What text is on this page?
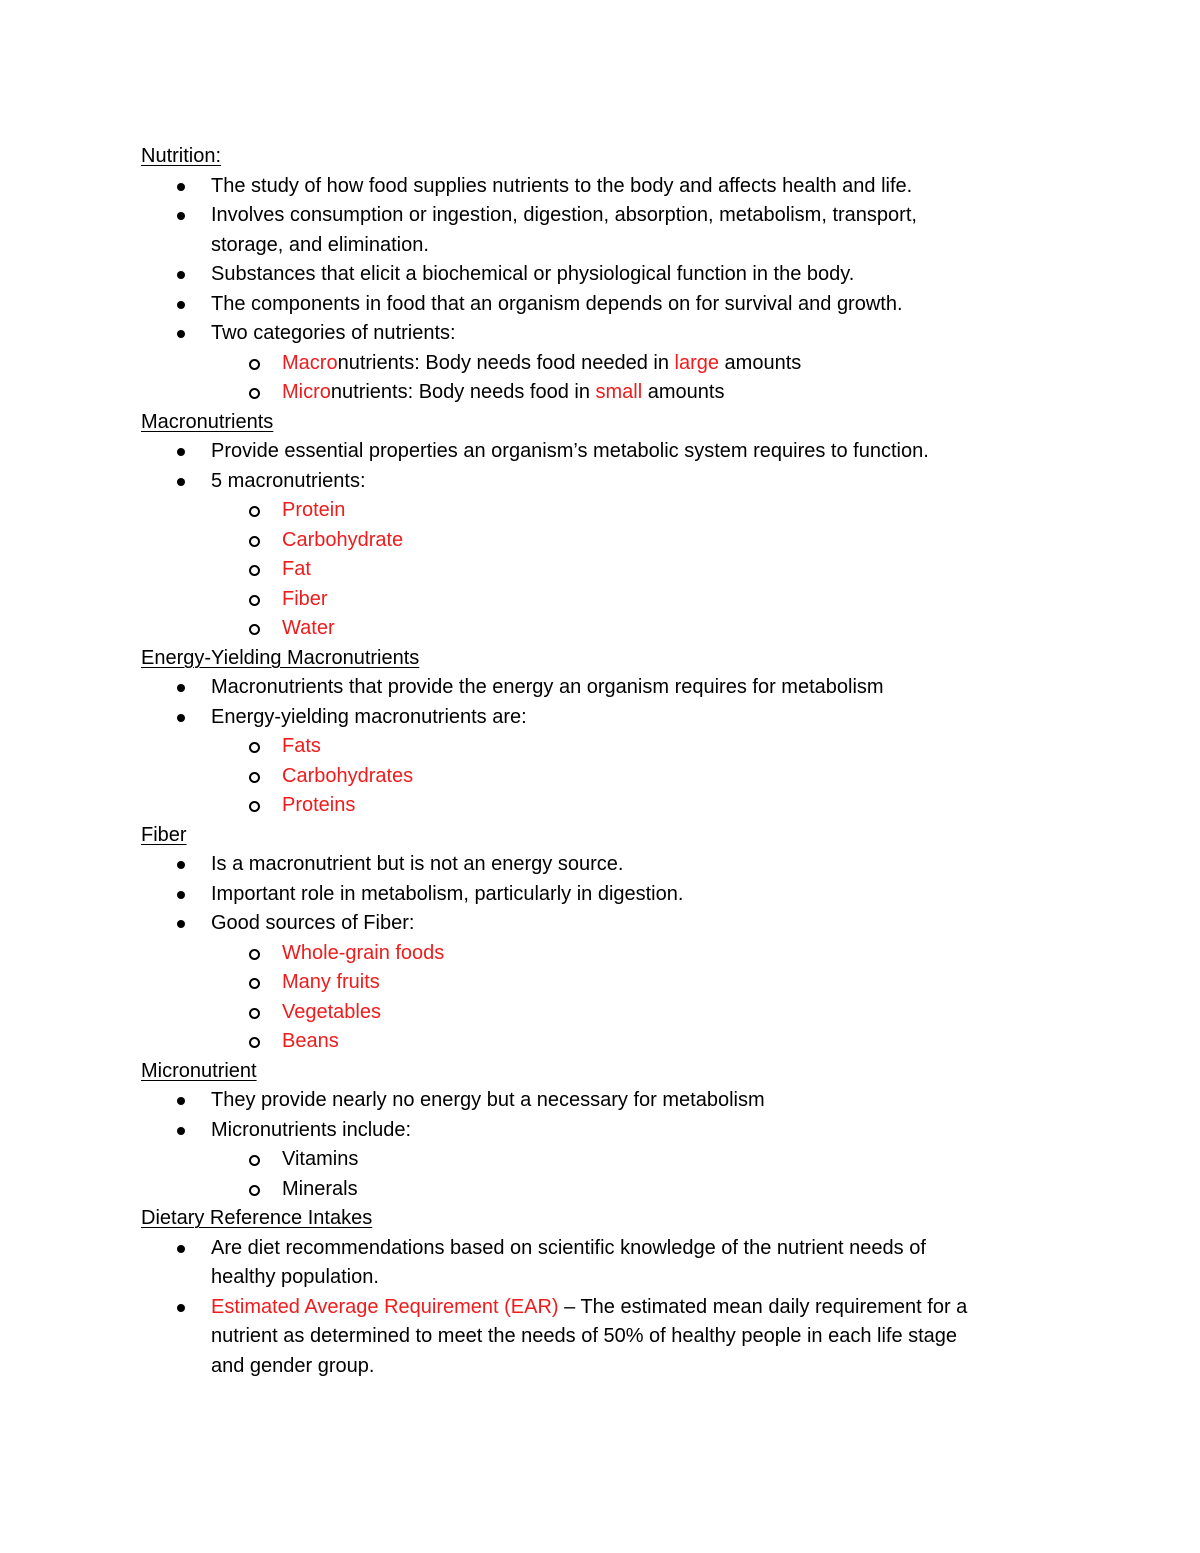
Nutrition:
The study of how food supplies nutrients to the body and affects health and life.
Involves consumption or ingestion, digestion, absorption, metabolism, transport,
storage, and elimination.
Substances that elicit a biochemical or physiological function in the body.
The components in food that an organism depends on for survival and growth.
Two categories of nutrients:
Macronutrients: Body needs food needed in large amounts
Micronutrients: Body needs food in small amounts
Macronutrients
Provide essential properties an organism’s metabolic system requires to function.
5 macronutrients:
Protein
Carbohydrate
Fat
Fiber
Water
Energy-Yielding Macronutrients
Macronutrients that provide the energy an organism requires for metabolism
Energy-yielding macronutrients are:
Fats
Carbohydrates
Proteins
Fiber
Is a macronutrient but is not an energy source.
Important role in metabolism, particularly in digestion.
Good sources of Fiber:
Whole-grain foods
Many fruits
Vegetables
Beans
Micronutrient
They provide nearly no energy but a necessary for metabolism
Micronutrients include:
Vitamins
Minerals
Dietary Reference Intakes
Are diet recommendations based on scientific knowledge of the nutrient needs of
healthy population.
Estimated Average Requirement (EAR) – The estimated mean daily requirement for a
nutrient as determined to meet the needs of 50% of healthy people in each life stage
and gender group.
